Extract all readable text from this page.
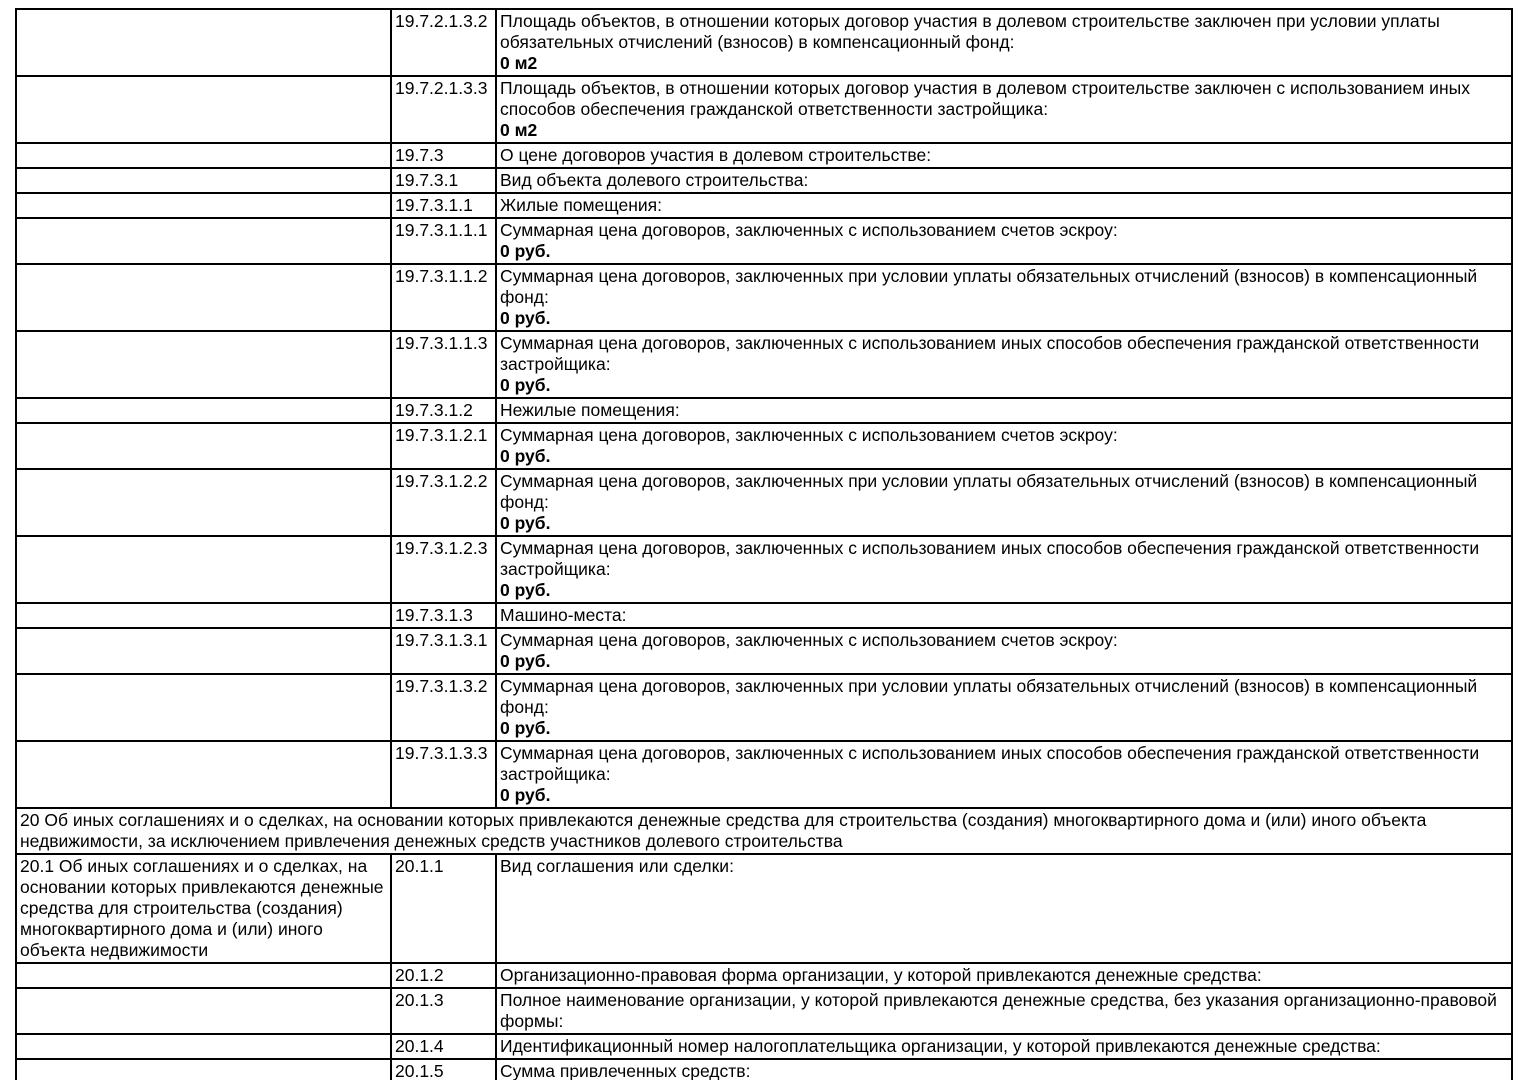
	19.7.2.1.3.2	Площадь объектов, в отношении которых договор участия в долевом строительстве заключен при условии уплаты обязательных отчислений (взносов) в компенсационный фонд:
0 м2

	19.7.2.1.3.3	Площадь объектов, в отношении которых договор участия в долевом строительстве заключен с использованием иных способов обеспечения гражданской ответственности застройщика:
0 м2

	19.7.3	О цене договоров участия в долевом строительстве:

	19.7.3.1	Вид объекта долевого строительства:

	19.7.3.1.1	Жилые помещения:

	19.7.3.1.1.1	Суммарная цена договоров, заключенных с использованием счетов эскроу:
0 руб.

	19.7.3.1.1.2	Суммарная цена договоров, заключенных при условии уплаты обязательных отчислений (взносов) в компенсационный фонд:
0 руб.

	19.7.3.1.1.3	Суммарная цена договоров, заключенных с использованием иных способов обеспечения гражданской ответственности застройщика:
0 руб.

	19.7.3.1.2	Нежилые помещения:

	19.7.3.1.2.1	Суммарная цена договоров, заключенных с использованием счетов эскроу:
0 руб.

	19.7.3.1.2.2	Суммарная цена договоров, заключенных при условии уплаты обязательных отчислений (взносов) в компенсационный фонд:
0 руб.

	19.7.3.1.2.3	Суммарная цена договоров, заключенных с использованием иных способов обеспечения гражданской ответственности застройщика:
0 руб.

	19.7.3.1.3	Машино-места:

	19.7.3.1.3.1	Суммарная цена договоров, заключенных с использованием счетов эскроу:
0 руб.

	19.7.3.1.3.2	Суммарная цена договоров, заключенных при условии уплаты обязательных отчислений (взносов) в компенсационный фонд:
0 руб.

	19.7.3.1.3.3	Суммарная цена договоров, заключенных с использованием иных способов обеспечения гражданской ответственности застройщика:
0 руб.

20 Об иных соглашениях и о сделках, на основании которых привлекаются денежные средства для строительства (создания) многоквартирного дома и (или) иного объекта недвижимости, за исключением привлечения денежных средств участников долевого строительства		
20.1 Об иных соглашениях и о сделках, на основании которых привлекаются денежные средства для строительства (создания) многоквартирного дома и (или) иного объекта недвижимости	20.1.1	Вид соглашения или сделки:

	20.1.2	Организационно-правовая форма организации, у которой привлекаются денежные средства:

	20.1.3	Полное наименование организации, у которой привлекаются денежные средства, без указания организационно-правовой формы:

	20.1.4	Идентификационный номер налогоплательщика организации, у которой привлекаются денежные средства:

	20.1.5	Сумма привлеченных средств:
